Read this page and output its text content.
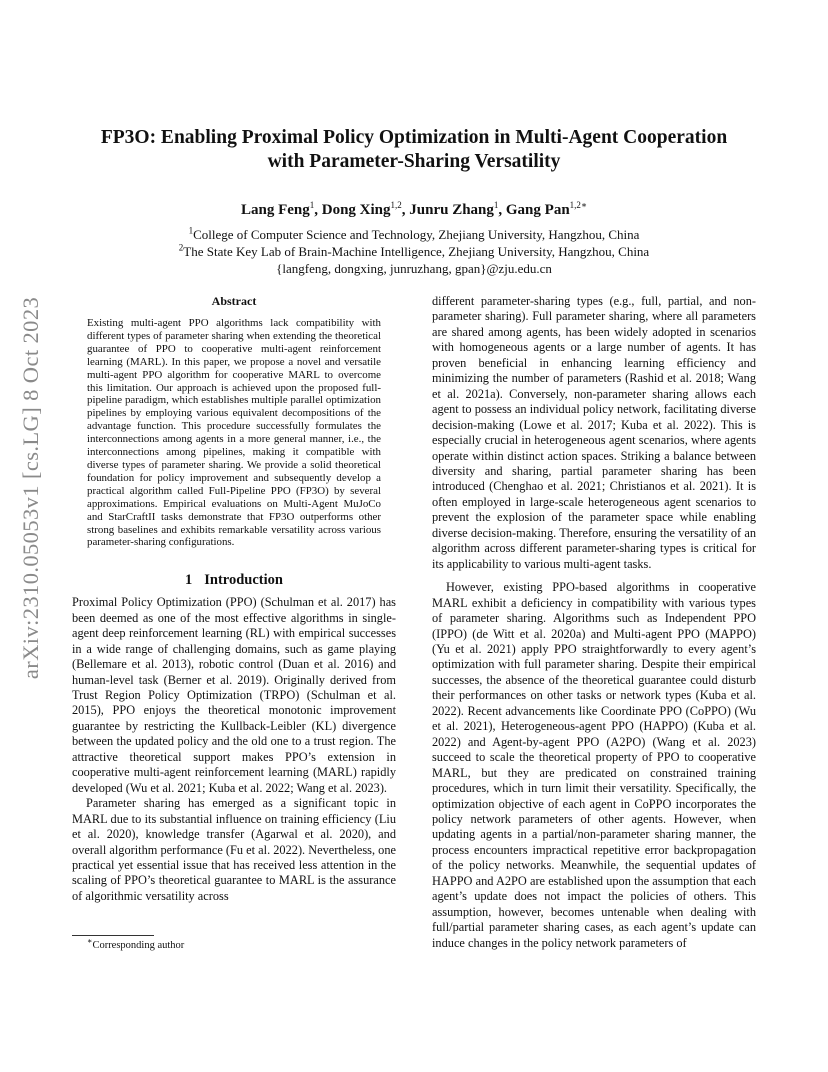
arXiv:2310.05053v1 [cs.LG] 8 Oct 2023
FP3O: Enabling Proximal Policy Optimization in Multi-Agent Cooperation
with Parameter-Sharing Versatility
Lang Feng$^1$, Dong Xing$^{1,2}$, Junru Zhang$^1$, Gang Pan$^{1,2∗}$
$^1$College of Computer Science and Technology, Zhejiang University, Hangzhou, China
$^2$The State Key Lab of Brain-Machine Intelligence, Zhejiang University, Hangzhou, China
{langfeng, dongxing, junruzhang, gpan}@zju.edu.cn
Abstract

Existing multi-agent PPO algorithms lack compatibility with different types of parameter sharing when extending the theoretical guarantee of PPO to cooperative multi-agent reinforcement learning (MARL). In this paper, we propose a novel and versatile multi-agent PPO algorithm for cooperative MARL to overcome this limitation. Our approach is achieved upon the proposed full-pipeline paradigm, which establishes multiple parallel optimization pipelines by employing various equivalent decompositions of the advantage function. This procedure successfully formulates the interconnections among agents in a more general manner, i.e., the interconnections among pipelines, making it compatible with diverse types of parameter sharing. We provide a solid theoretical foundation for policy improvement and subsequently develop a practical algorithm called Full-Pipeline PPO (FP3O) by several approximations. Empirical evaluations on Multi-Agent MuJoCo and StarCraftII tasks demonstrate that FP3O outperforms other strong baselines and exhibits remarkable versatility across various parameter-sharing configurations.

1 Introduction

Proximal Policy Optimization (PPO) (Schulman et al. 2017) has been deemed as one of the most effective algorithms in single-agent deep reinforcement learning (RL) with empirical successes in a wide range of challenging domains, such as game playing (Bellemare et al. 2013), robotic control (Duan et al. 2016) and human-level task (Berner et al. 2019). Originally derived from Trust Region Policy Optimization (TRPO) (Schulman et al. 2015), PPO enjoys the theoretical monotonic improvement guarantee by restricting the Kullback-Leibler (KL) divergence between the updated policy and the old one to a trust region. The attractive theoretical support makes PPO’s extension in cooperative multi-agent reinforcement learning (MARL) rapidly developed (Wu et al. 2021; Kuba et al. 2022; Wang et al. 2023).

Parameter sharing has emerged as a significant topic in MARL due to its substantial influence on training efficiency (Liu et al. 2020), knowledge transfer (Agarwal et al. 2020), and overall algorithm performance (Fu et al. 2022). Nevertheless, one practical yet essential issue that has received less attention in the scaling of PPO’s theoretical guarantee to MARL is the assurance of algorithmic versatility across

different parameter-sharing types (e.g., full, partial, and non-parameter sharing). Full parameter sharing, where all parameters are shared among agents, has been widely adopted in scenarios with homogeneous agents or a large number of agents. It has proven beneficial in enhancing learning efficiency and minimizing the number of parameters (Rashid et al. 2018; Wang et al. 2021a). Conversely, non-parameter sharing allows each agent to possess an individual policy network, facilitating diverse decision-making (Lowe et al. 2017; Kuba et al. 2022). This is especially crucial in heterogeneous agent scenarios, where agents operate within distinct action spaces. Striking a balance between diversity and sharing, partial parameter sharing has been introduced (Chenghao et al. 2021; Christianos et al. 2021). It is often employed in large-scale heterogeneous agent scenarios to prevent the explosion of the parameter space while enabling diverse decision-making. Therefore, ensuring the versatility of an algorithm across different parameter-sharing types is critical for its applicability to various multi-agent tasks.

However, existing PPO-based algorithms in cooperative MARL exhibit a deficiency in compatibility with various types of parameter sharing. Algorithms such as Independent PPO (IPPO) (de Witt et al. 2020a) and Multi-agent PPO (MAPPO) (Yu et al. 2021) apply PPO straightforwardly to every agent’s optimization with full parameter sharing. Despite their empirical successes, the absence of the theoretical guarantee could disturb their performances on other tasks or network types (Kuba et al. 2022). Recent advancements like Coordinate PPO (CoPPO) (Wu et al. 2021), Heterogeneous-agent PPO (HAPPO) (Kuba et al. 2022) and Agent-by-agent PPO (A2PO) (Wang et al. 2023) succeed to scale the theoretical property of PPO to cooperative MARL, but they are predicated on constrained training procedures, which in turn limit their versatility. Specifically, the optimization objective of each agent in CoPPO incorporates the policy network parameters of other agents. However, when updating agents in a partial/non-parameter sharing manner, the process encounters impractical repetitive error backpropagation of the policy networks. Meanwhile, the sequential updates of HAPPO and A2PO are established upon the assumption that each agent’s update does not impact the policies of others. This assumption, however, becomes untenable when dealing with full/partial parameter sharing cases, as each agent’s update can induce changes in the policy network parameters of

∗Corresponding author
